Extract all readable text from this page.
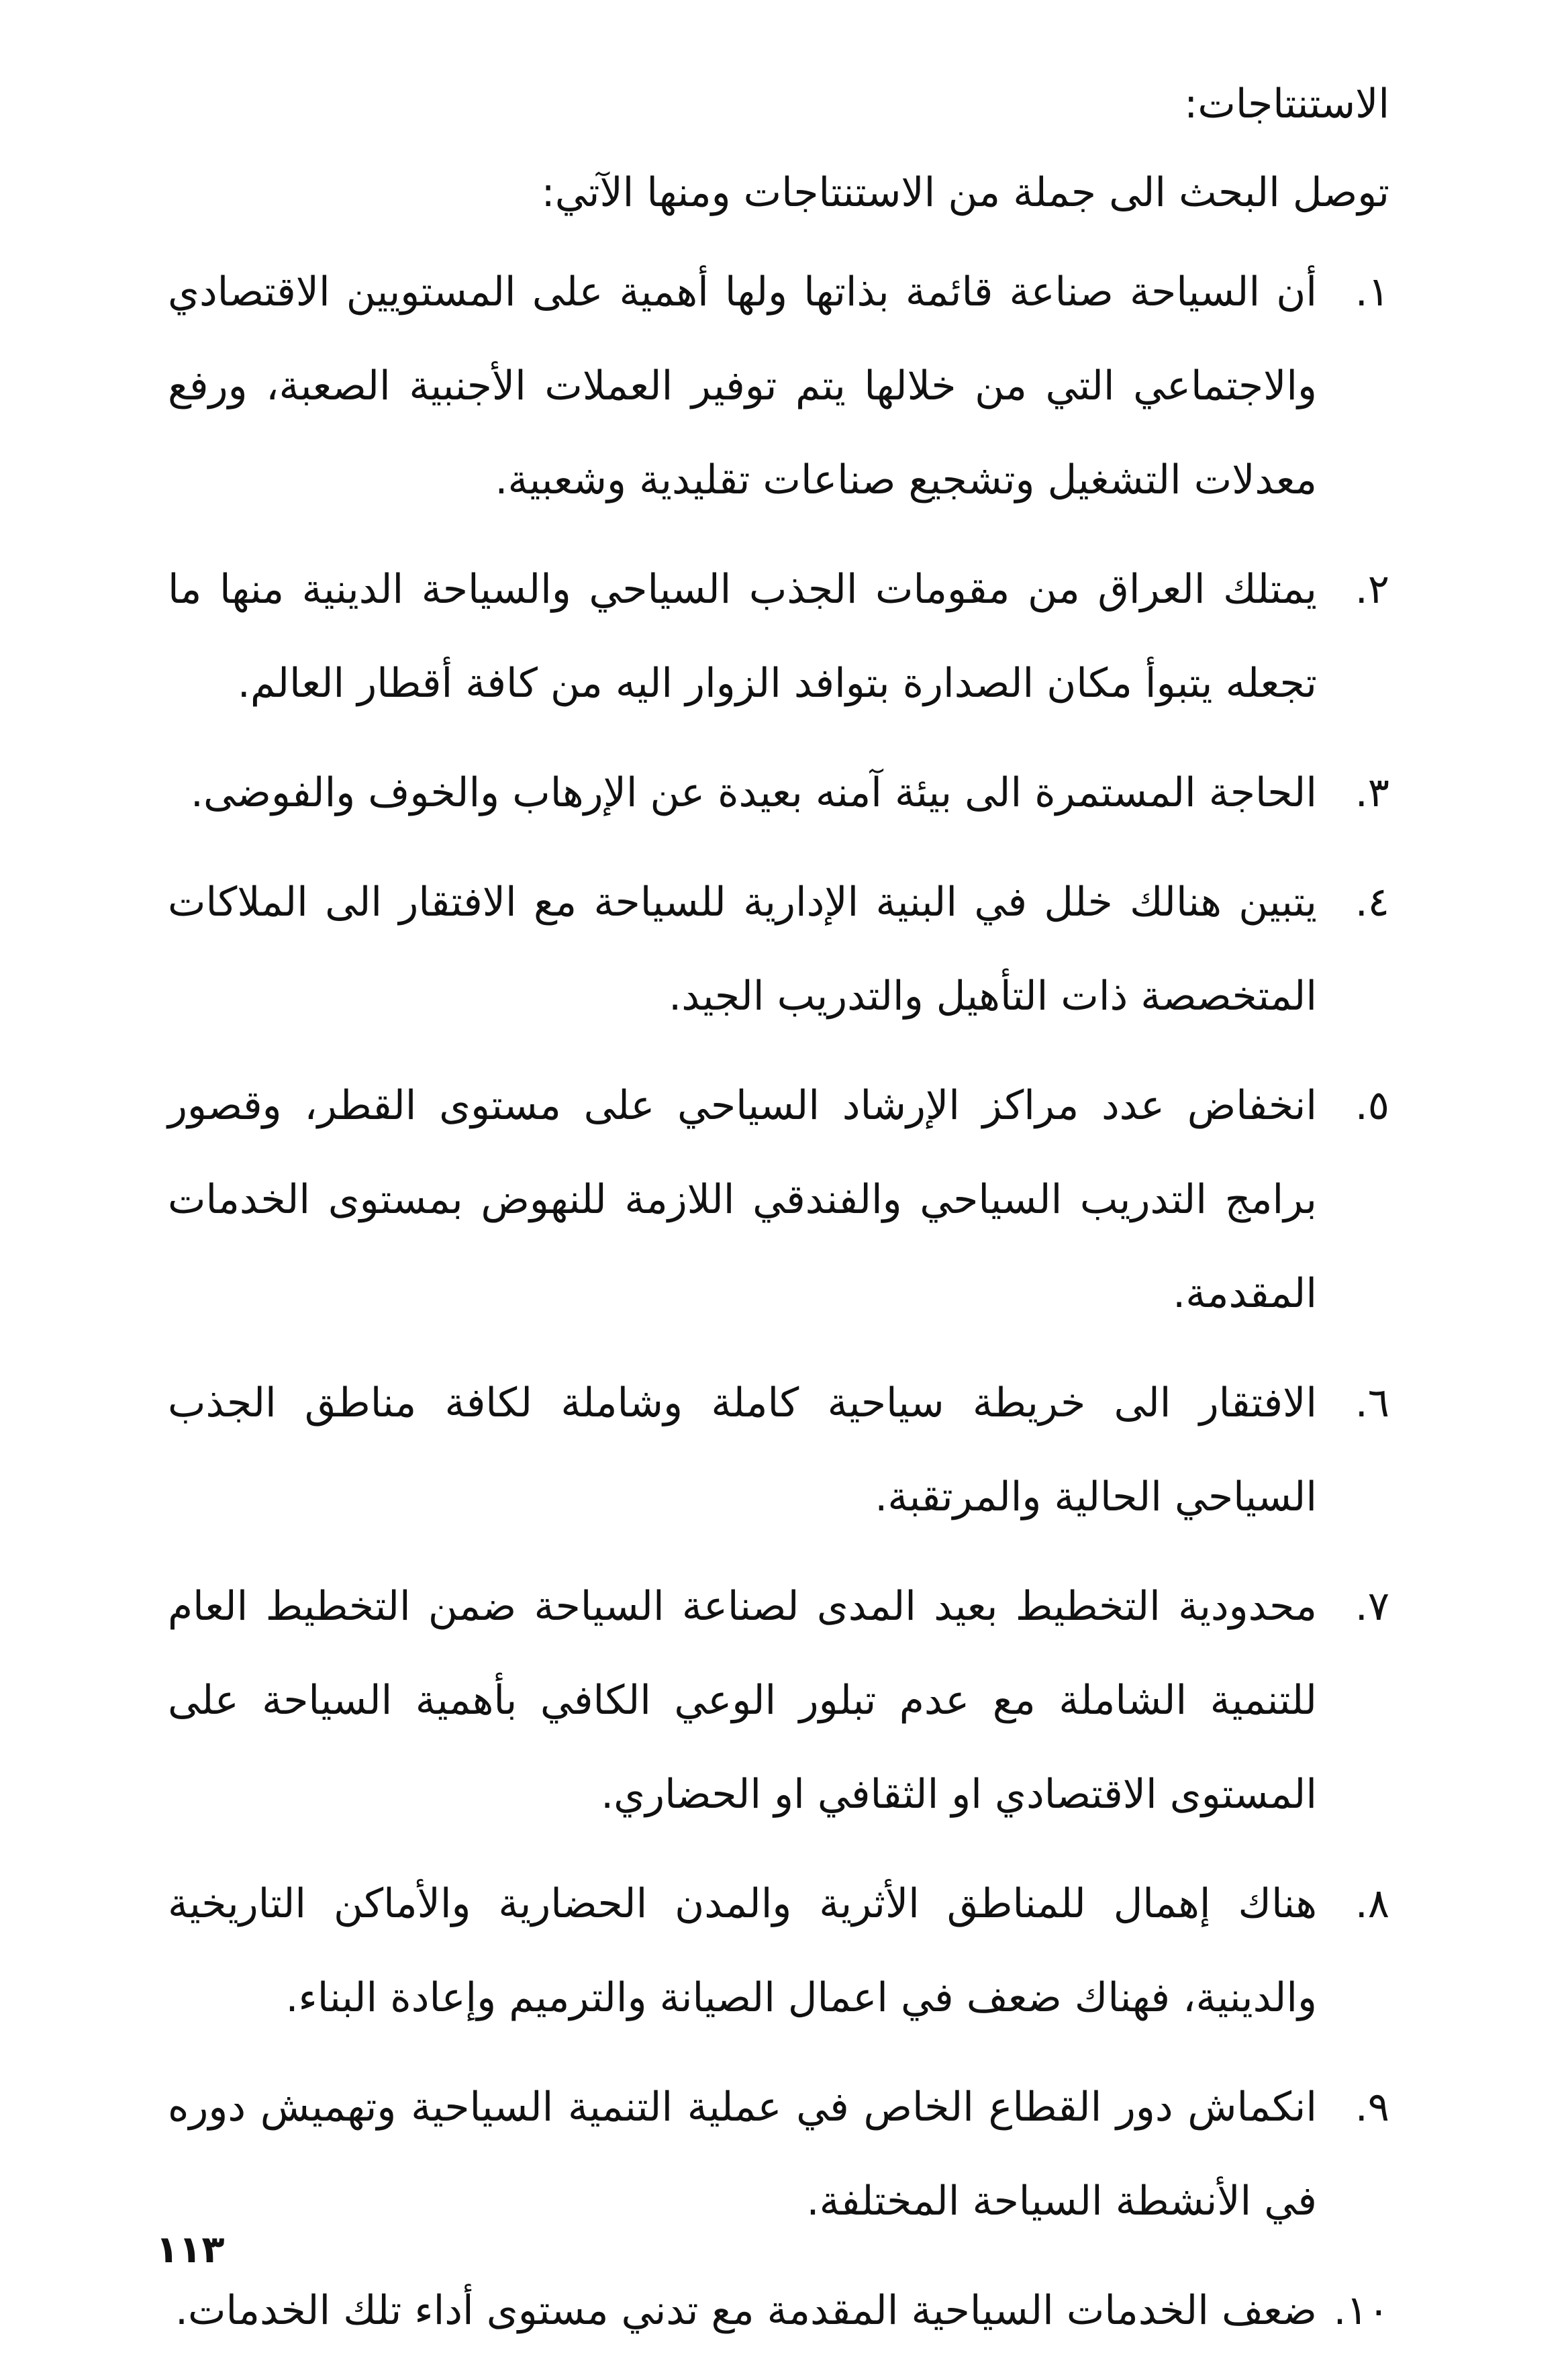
الاستنتاجات:
توصل البحث الى جملة من الاستنتاجات ومنها الآتي:
١.
أن السياحة صناعة قائمة بذاتها ولها أهمية على المستويين الاقتصادي والاجتماعي التي من خلالها يتم توفير العملات الأجنبية الصعبة، ورفع معدلات التشغيل وتشجيع صناعات تقليدية وشعبية.
٢.
يمتلك العراق من مقومات الجذب السياحي والسياحة الدينية منها ما تجعله يتبوأ مكان الصدارة بتوافد الزوار اليه من كافة أقطار العالم.
٣.
الحاجة المستمرة الى بيئة آمنه بعيدة عن الإرهاب والخوف والفوضى.
٤.
يتبين هنالك خلل في البنية الإدارية للسياحة مع الافتقار الى الملاكات المتخصصة ذات التأهيل والتدريب الجيد.
٥.
انخفاض عدد مراكز الإرشاد السياحي على مستوى القطر، وقصور برامج التدريب السياحي والفندقي اللازمة للنهوض بمستوى الخدمات المقدمة.
٦.
الافتقار الى خريطة سياحية كاملة وشاملة لكافة مناطق الجذب السياحي الحالية والمرتقبة.
٧.
محدودية التخطيط بعيد المدى لصناعة السياحة ضمن التخطيط العام للتنمية الشاملة مع عدم تبلور الوعي الكافي بأهمية السياحة على المستوى الاقتصادي او الثقافي او الحضاري.
٨.
هناك إهمال للمناطق الأثرية والمدن الحضارية والأماكن التاريخية والدينية، فهناك ضعف في اعمال الصيانة والترميم وإعادة البناء.
٩.
انكماش دور القطاع الخاص في عملية التنمية السياحية وتهميش دوره في الأنشطة السياحة المختلفة.
١٠.
ضعف الخدمات السياحية المقدمة مع تدني مستوى أداء تلك الخدمات.
١١٣
